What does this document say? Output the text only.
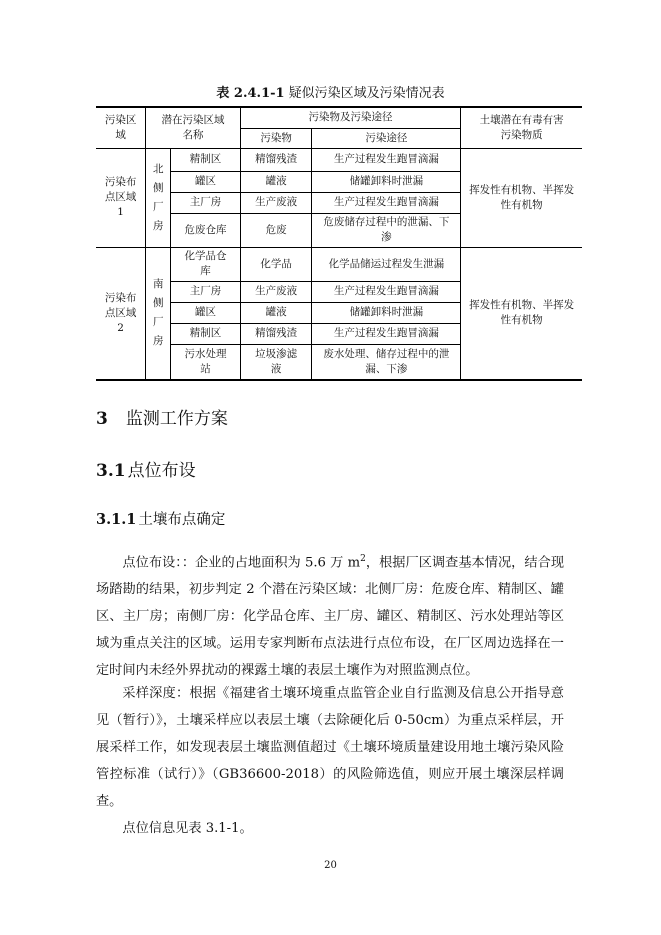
表 2.4.1-1 疑似污染区域及污染情况表
污染区域	潜在污染区域名称		污染物及污染途径		土壤潜在有毒有害污染物质
			污染物	污染途径	
污染布点区域1	北侧厂房	精制区	精馏残渣	生产过程发生跑冒滴漏	挥发性有机物、半挥发性有机物
		罐区	罐液	储罐卸料时泄漏	
		主厂房	生产废液	生产过程发生跑冒滴漏	
		危废仓库	危废	危废储存过程中的泄漏、下渗	
污染布点区域2	南侧厂房	化学品仓库	化学品	化学品储运过程发生泄漏	挥发性有机物、半挥发性有机物
		主厂房	生产废液	生产过程发生跑冒滴漏	
		罐区	罐液	储罐卸料时泄漏	
		精制区	精馏残渣	生产过程发生跑冒滴漏	
		污水处理站	垃圾渗滤液	废水处理、储存过程中的泄漏、下渗	
3 监测工作方案
3.1 点位布设
3.1.1 土壤布点确定

点位布设：：企业的占地面积为 5.6 万 $m^2$，根据厂区调查基本情况，结合现场踏勘的结果，初步判定 2 个潜在污染区域：北侧厂房：危废仓库、精制区、罐区、主厂房；南侧厂房：化学品仓库、主厂房、罐区、精制区、污水处理站等区域为重点关注的区域。运用专家判断布点法进行点位布设，在厂区周边选择在一定时间内未经外界扰动的裸露土壤的表层土壤作为对照监测点位。

采样深度：根据《福建省土壤环境重点监管企业自行监测及信息公开指导意见（暂行）》，土壤采样应以表层土壤（去除硬化后 0-50cm）为重点采样层，开展采样工作，如发现表层土壤监测值超过《土壤环境质量建设用地土壤污染风险管控标准（试行）》（GB36600-2018）的风险筛选值，则应开展土壤深层样调查。

点位信息见表 3.1-1。

20
